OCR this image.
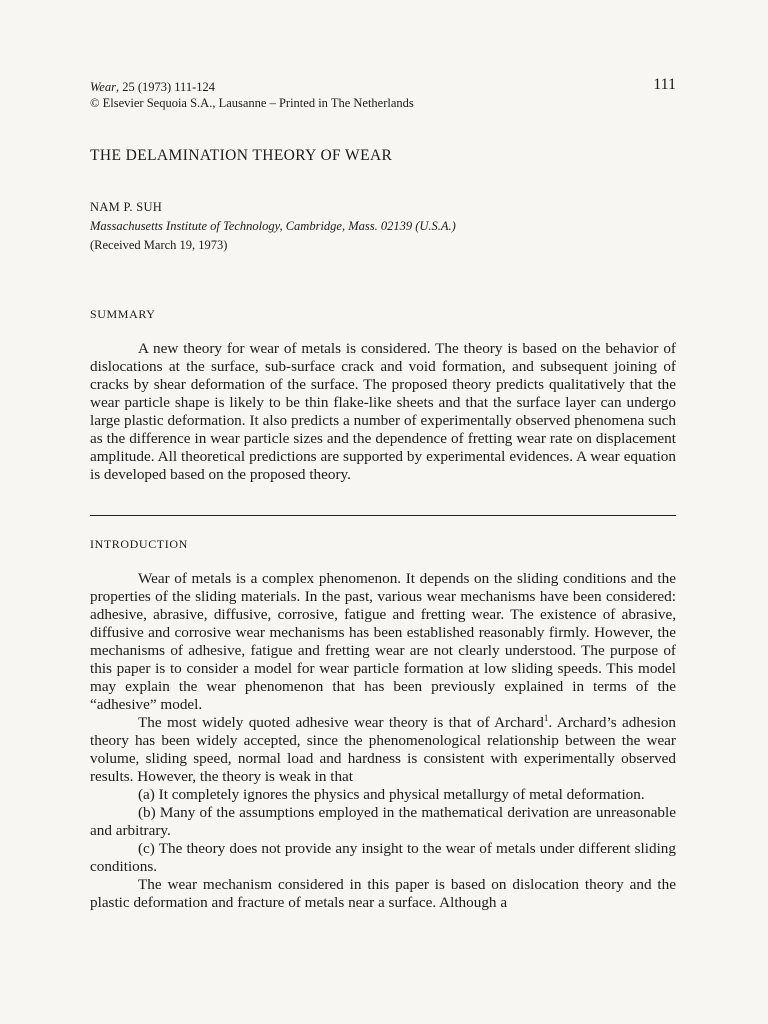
Wear, 25 (1973) 111-124
© Elsevier Sequoia S.A., Lausanne – Printed in The Netherlands
111
THE DELAMINATION THEORY OF WEAR
NAM P. SUH
Massachusetts Institute of Technology, Cambridge, Mass. 02139 (U.S.A.)
(Received March 19, 1973)
SUMMARY

A new theory for wear of metals is considered. The theory is based on the behavior of dislocations at the surface, sub-surface crack and void formation, and subsequent joining of cracks by shear deformation of the surface. The proposed theory predicts qualitatively that the wear particle shape is likely to be thin flake-like sheets and that the surface layer can undergo large plastic deformation. It also predicts a number of experimentally observed phenomena such as the difference in wear particle sizes and the dependence of fretting wear rate on displacement amplitude. All theoretical predictions are supported by experimental evidences. A wear equation is developed based on the proposed theory.

INTRODUCTION

Wear of metals is a complex phenomenon. It depends on the sliding conditions and the properties of the sliding materials. In the past, various wear mechanisms have been considered: adhesive, abrasive, diffusive, corrosive, fatigue and fretting wear. The existence of abrasive, diffusive and corrosive wear mechanisms has been established reasonably firmly. However, the mechanisms of adhesive, fatigue and fretting wear are not clearly understood. The purpose of this paper is to consider a model for wear particle formation at low sliding speeds. This model may explain the wear phenomenon that has been previously explained in terms of the “adhesive” model.

The most widely quoted adhesive wear theory is that of Archard$^1$. Archard’s adhesion theory has been widely accepted, since the phenomenological relationship between the wear volume, sliding speed, normal load and hardness is consistent with experimentally observed results. However, the theory is weak in that

(a) It completely ignores the physics and physical metallurgy of metal deformation.

(b) Many of the assumptions employed in the mathematical derivation are unreasonable and arbitrary.

(c) The theory does not provide any insight to the wear of metals under different sliding conditions.

The wear mechanism considered in this paper is based on dislocation theory and the plastic deformation and fracture of metals near a surface. Although a
